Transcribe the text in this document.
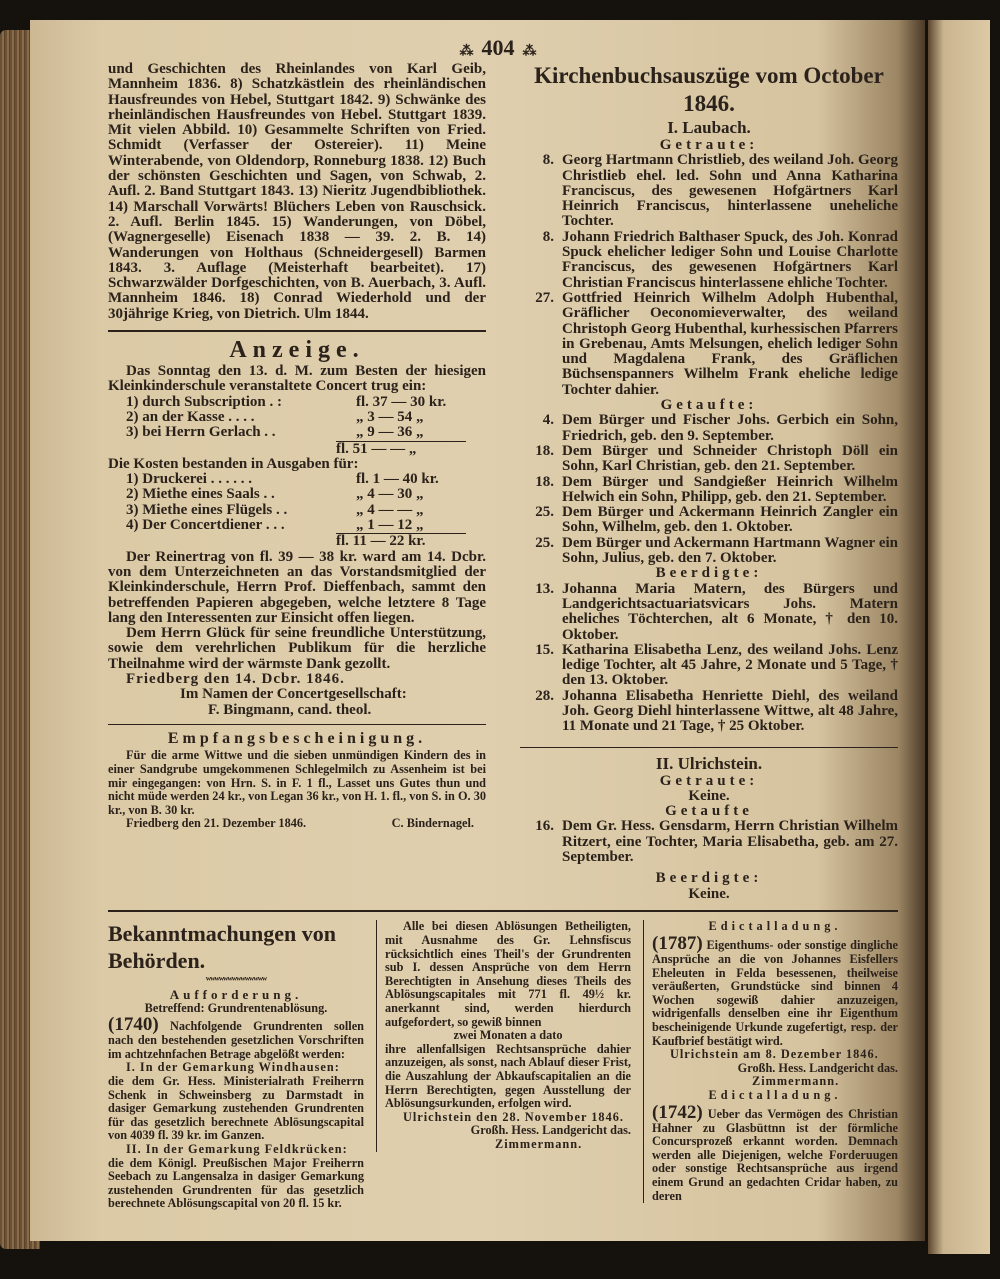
⁂ 404 ⁂
und Geschichten des Rheinlandes von Karl Geib, Mannheim 1836. 8) Schatzkästlein des rheinländischen Hausfreundes von Hebel, Stuttgart 1842. 9) Schwänke des rheinländischen Hausfreundes von Hebel. Stuttgart 1839. Mit vielen Abbild. 10) Gesammelte Schriften von Fried. Schmidt (Verfasser der Ostereier). 11) Meine Winterabende, von Oldendorp, Ronneburg 1838. 12) Buch der schönsten Geschichten und Sagen, von Schwab, 2. Aufl. 2. Band Stuttgart 1843. 13) Nieritz Jugendbibliothek. 14) Marschall Vorwärts! Blüchers Leben von Rauschsick. 2. Aufl. Berlin 1845. 15) Wanderungen, von Döbel, (Wagnergeselle) Eisenach 1838 — 39. 2. B. 14) Wanderungen von Holthaus (Schneidergesell) Barmen 1843. 3. Auflage (Meisterhaft bearbeitet). 17) Schwarzwälder Dorfgeschichten, von B. Auerbach, 3. Aufl. Mannheim 1846. 18) Conrad Wiederhold und der 30jährige Krieg, von Dietrich. Ulm 1844.
Anzeige.
Das Sonntag den 13. d. M. zum Besten der hiesigen Kleinkinderschule veranstaltete Concert trug ein:
1) durch Subscription . :	fl. 37 — 30 kr.
2) an der Kasse . . . .	„ 3 — 54 „
3) bei Herrn Gerlach . .	„ 9 — 36 „
fl. 51 — — „
Die Kosten bestanden in Ausgaben für:
1) Druckerei . . . . . .	fl. 1 — 40 kr.
2) Miethe eines Saals . .	„ 4 — 30 „
3) Miethe eines Flügels . .	„ 4 — — „
4) Der Concertdiener . . .	„ 1 — 12 „
fl. 11 — 22 kr.
Der Reinertrag von fl. 39 — 38 kr. ward am 14. Dcbr. von dem Unterzeichneten an das Vorstandsmitglied der Kleinkinderschule, Herrn Prof. Dieffenbach, sammt den betreffenden Papieren abgegeben, welche letztere 8 Tage lang den Interessenten zur Einsicht offen liegen.
Dem Herrn Glück für seine freundliche Unterstützung, sowie dem verehrlichen Publikum für die herzliche Theilnahme wird der wärmste Dank gezollt.
Friedberg den 14. Dcbr. 1846.
Im Namen der Concertgesellschaft:
F. Bingmann, cand. theol.
Empfangsbescheinigung.
Für die arme Wittwe und die sieben unmündigen Kindern des in einer Sandgrube umgekommenen Schlegelmilch zu Assenheim ist bei mir eingegangen: von Hrn. S. in F. 1 fl., Lasset uns Gutes thun und nicht müde werden 24 kr., von Legan 36 kr., von H. 1. fl., von S. in O. 30 kr., von B. 30 kr.
Friedberg den 21. Dezember 1846.	C. Bindernagel.
Kirchenbuchsauszüge vom October 1846.
I. Laubach.
Getraute:
8. Georg Hartmann Christlieb, des weiland Joh. Georg Christlieb ehel. led. Sohn und Anna Katharina Franciscus, des gewesenen Hofgärtners Karl Heinrich Franciscus, hinterlassene uneheliche Tochter.
8. Johann Friedrich Balthaser Spuck, des Joh. Konrad Spuck ehelicher lediger Sohn und Louise Charlotte Franciscus, des gewesenen Hofgärtners Karl Christian Franciscus hinterlassene ehliche Tochter.
27. Gottfried Heinrich Wilhelm Adolph Hubenthal, Gräflicher Oeconomieverwalter, des weiland Christoph Georg Hubenthal, kurhessischen Pfarrers in Grebenau, Amts Melsungen, ehelich lediger Sohn und Magdalena Frank, des Gräflichen Büchsenspanners Wilhelm Frank eheliche ledige Tochter dahier.
Getaufte:
4. Dem Bürger und Fischer Johs. Gerbich ein Sohn, Friedrich, geb. den 9. September.
18. Dem Bürger und Schneider Christoph Döll ein Sohn, Karl Christian, geb. den 21. September.
18. Dem Bürger und Sandgießer Heinrich Wilhelm Helwich ein Sohn, Philipp, geb. den 21. September.
25. Dem Bürger und Ackermann Heinrich Zangler ein Sohn, Wilhelm, geb. den 1. Oktober.
25. Dem Bürger und Ackermann Hartmann Wagner ein Sohn, Julius, geb. den 7. Oktober.
Beerdigte:
13. Johanna Maria Matern, des Bürgers und Landgerichtsactuariatsvicars Johs. Matern eheliches Töchterchen, alt 6 Monate, † den 10. Oktober.
15. Katharina Elisabetha Lenz, des weiland Johs. Lenz ledige Tochter, alt 45 Jahre, 2 Monate und 5 Tage, † den 13. Oktober.
28. Johanna Elisabetha Henriette Diehl, des weiland Joh. Georg Diehl hinterlassene Wittwe, alt 48 Jahre, 11 Monate und 21 Tage, † 25 Oktober.
II. Ulrichstein.
Getraute:
Keine.
Getaufte
16. Dem Gr. Hess. Gensdarm, Herrn Christian Wilhelm Ritzert, eine Tochter, Maria Elisabetha, geb. am 27. September.
Beerdigte:
Keine.
Bekanntmachungen von Behörden.
ʷʷʷʷʷʷʷʷʷʷʷʷʷʷ
Aufforderung.
Betreffend: Grundrentenablösung.
(1740) Nachfolgende Grundrenten sollen nach den bestehenden gesetzlichen Vorschriften im achtzehnfachen Betrage abgelößt werden:
I. In der Gemarkung Windhausen:
die dem Gr. Hess. Ministerialrath Freiherrn Schenk in Schweinsberg zu Darmstadt in dasiger Gemarkung zustehenden Grundrenten für das gesetzlich berechnete Ablösungscapital von 4039 fl. 39 kr. im Ganzen.
II. In der Gemarkung Feldkrücken:
die dem Königl. Preußischen Major Freiherrn Seebach zu Langensalza in dasiger Gemarkung zustehenden Grundrenten für das gesetzlich berechnete Ablösungscapital von 20 fl. 15 kr.
Alle bei diesen Ablösungen Betheiligten, mit Ausnahme des Gr. Lehnsfiscus rücksichtlich eines Theil's der Grundrenten sub I. dessen Ansprüche von dem Herrn Berechtigten in Ansehung dieses Theils des Ablösungscapitales mit 771 fl. 49½ kr. anerkannt sind, werden hierdurch aufgefordert, so gewiß binnen
zwei Monaten a dato
ihre allenfallsigen Rechtsansprüche dahier anzuzeigen, als sonst, nach Ablauf dieser Frist, die Auszahlung der Abkaufscapitalien an die Herrn Berechtigten, gegen Ausstellung der Ablösungsurkunden, erfolgen wird.
Ulrichstein den 28. November 1846.
Großh. Hess. Landgericht das.
Zimmermann.
Edictalladung.
(1787) Eigenthums- oder sonstige dingliche Ansprüche an die von Johannes Eisfellers Eheleuten in Felda besessenen, theilweise veräußerten, Grundstücke sind binnen 4 Wochen sogewiß dahier anzuzeigen, widrigenfalls denselben eine ihr Eigenthum bescheinigende Urkunde zugefertigt, resp. der Kaufbrief bestätigt wird.
Ulrichstein am 8. Dezember 1846.
Großh. Hess. Landgericht das.
Zimmermann.
Edictalladung.
(1742) Ueber das Vermögen des Christian Hahner zu Glasbüttnn ist der förmliche Concursprozeß erkannt worden. Demnach werden alle Diejenigen, welche Forderuugen oder sonstige Rechtsansprüche aus irgend einem Grund an gedachten Cridar haben, zu deren
